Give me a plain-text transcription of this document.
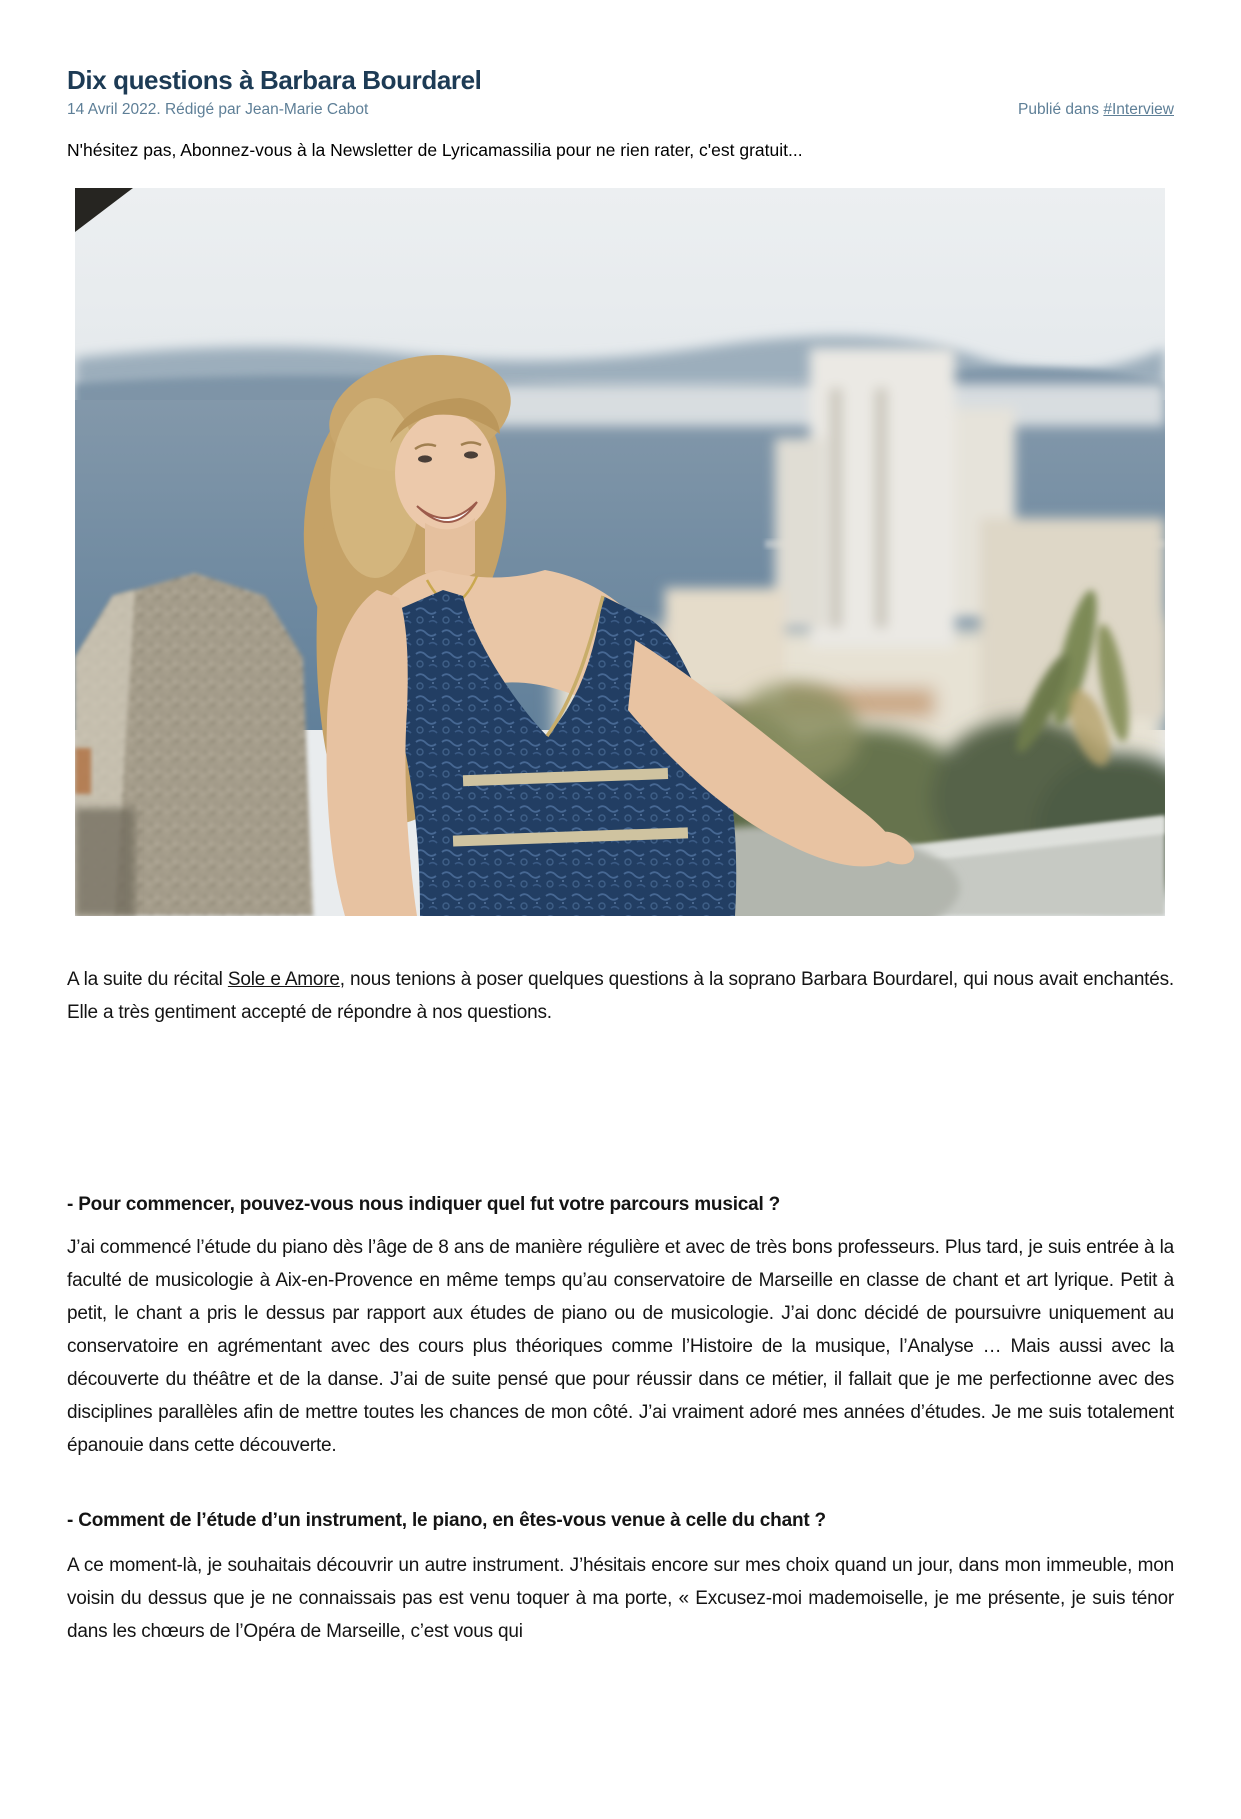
Dix questions à Barbara Bourdarel
14 Avril 2022. Rédigé par Jean-Marie Cabot	Publié dans #Interview

N'hésitez pas, Abonnez-vous à la Newsletter de Lyricamassilia pour ne rien rater, c'est gratuit...

A la suite du récital Sole e Amore, nous tenions à poser quelques questions à la soprano Barbara Bourdarel, qui nous avait enchantés. Elle a très gentiment accepté de répondre à nos questions.

- Pour commencer, pouvez-vous nous indiquer quel fut votre parcours musical ?

J’ai commencé l’étude du piano dès l’âge de 8 ans de manière régulière et avec de très bons professeurs. Plus tard, je suis entrée à la faculté de musicologie à Aix-en-Provence en même temps qu’au conservatoire de Marseille en classe de chant et art lyrique. Petit à petit, le chant a pris le dessus par rapport aux études de piano ou de musicologie. J’ai donc décidé de poursuivre uniquement au conservatoire en agrémentant avec des cours plus théoriques comme l’Histoire de la musique, l’Analyse … Mais aussi avec la découverte du théâtre et de la danse. J’ai de suite pensé que pour réussir dans ce métier, il fallait que je me perfectionne avec des disciplines parallèles afin de mettre toutes les chances de mon côté. J’ai vraiment adoré mes années d’études. Je me suis totalement épanouie dans cette découverte.

- Comment de l’étude d’un instrument, le piano, en êtes-vous venue à celle du chant ?

A ce moment-là, je souhaitais découvrir un autre instrument. J’hésitais encore sur mes choix quand un jour, dans mon immeuble, mon voisin du dessus que je ne connaissais pas est venu toquer à ma porte, « Excusez-moi mademoiselle, je me présente, je suis ténor dans les chœurs de l’Opéra de Marseille, c’est vous qui
